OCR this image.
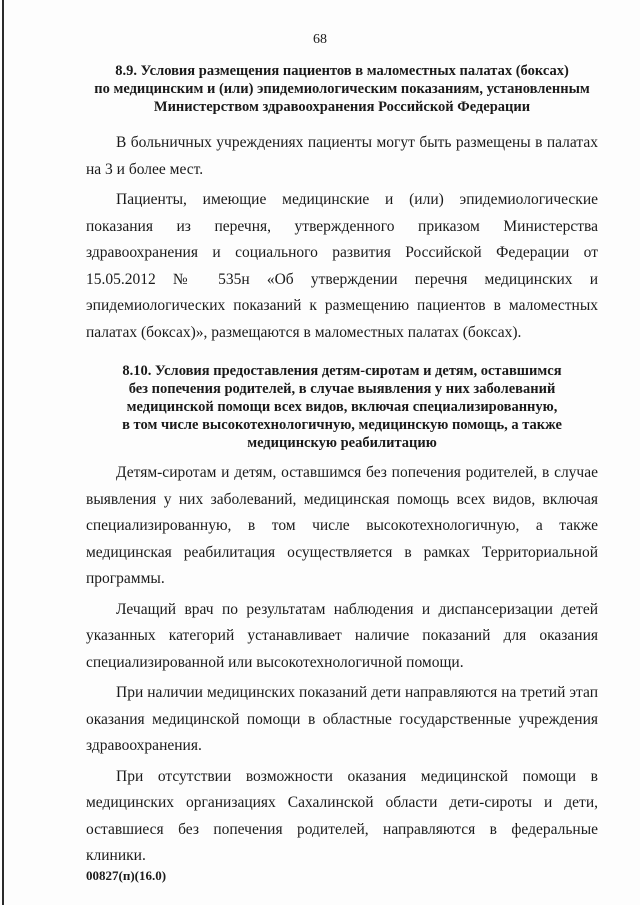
68
8.9. Условия размещения пациентов в маломестных палатах (боксах)
по медицинским и (или) эпидемиологическим показаниям, установленным
Министерством здравоохранения Российской Федерации

В больничных учреждениях пациенты могут быть размещены в палатах на 3 и более мест.

Пациенты, имеющие медицинские и (или) эпидемиологические показания из перечня, утвержденного приказом Министерства здравоохранения и социального развития Российской Федерации от 15.05.2012 № 535н «Об утверждении перечня медицинских и эпидемиологических показаний к размещению пациентов в маломестных палатах (боксах)», размещаются в маломестных палатах (боксах).

8.10. Условия предоставления детям-сиротам и детям, оставшимся
без попечения родителей, в случае выявления у них заболеваний
медицинской помощи всех видов, включая специализированную,
в том числе высокотехнологичную, медицинскую помощь, а также
медицинскую реабилитацию

Детям-сиротам и детям, оставшимся без попечения родителей, в случае выявления у них заболеваний, медицинская помощь всех видов, включая специализированную, в том числе высокотехнологичную, а также медицинская реабилитация осуществляется в рамках Территориальной программы.

Лечащий врач по результатам наблюдения и диспансеризации детей указанных категорий устанавливает наличие показаний для оказания специализированной или высокотехнологичной помощи.

При наличии медицинских показаний дети направляются на третий этап оказания медицинской помощи в областные государственные учреждения здравоохранения.

При отсутствии возможности оказания медицинской помощи в медицинских организациях Сахалинской области дети-сироты и дети, оставшиеся без попечения родителей, направляются в федеральные клиники.

00827(п)(16.0)
